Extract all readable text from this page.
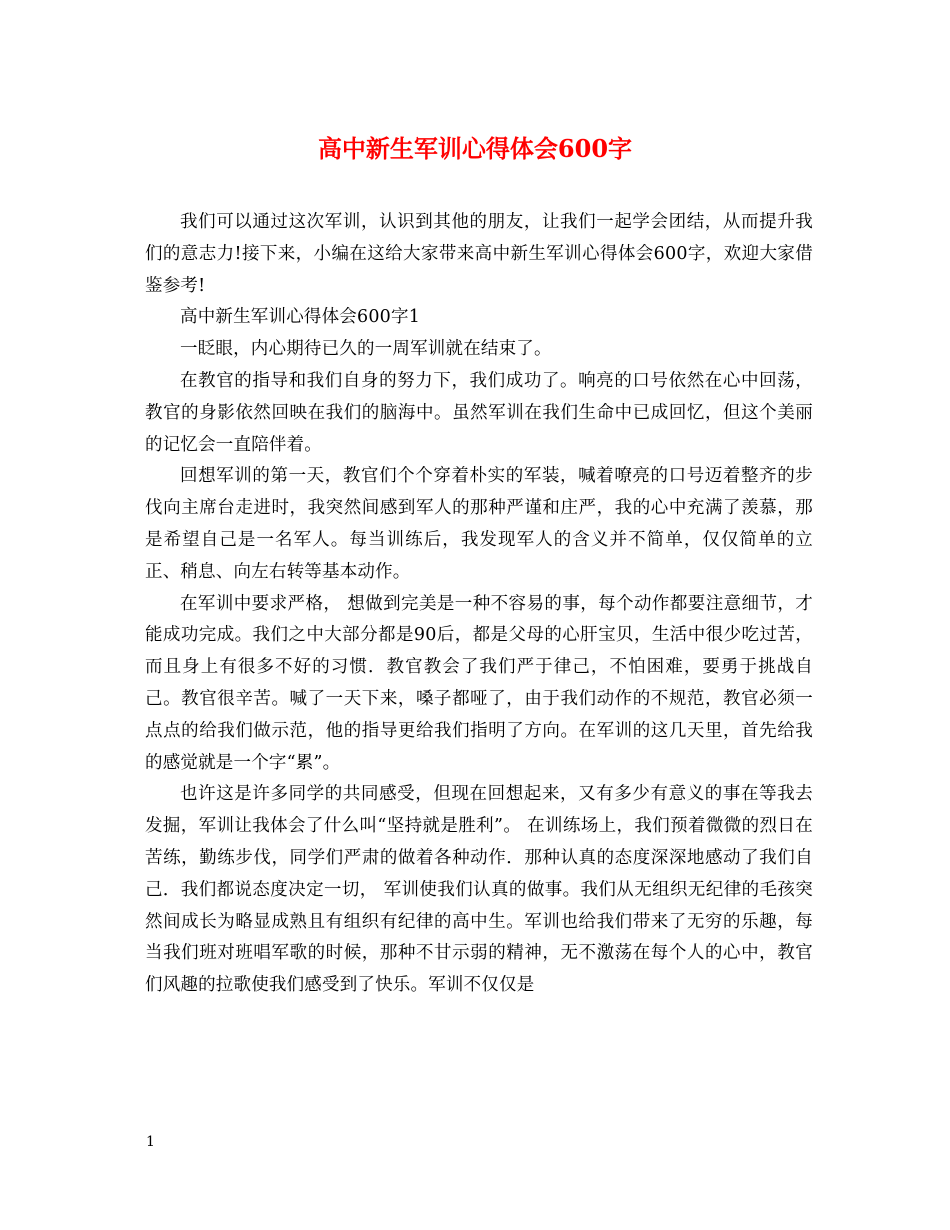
高中新生军训心得体会600字

我们可以通过这次军训，认识到其他的朋友，让我们一起学会团结，从而提升我们的意志力!接下来，小编在这给大家带来高中新生军训心得体会600字，欢迎大家借鉴参考!

高中新生军训心得体会600字1

一眨眼，内心期待已久的一周军训就在结束了。

在教官的指导和我们自身的努力下，我们成功了。响亮的口号依然在心中回荡，教官的身影依然回映在我们的脑海中。虽然军训在我们生命中已成回忆，但这个美丽的记忆会一直陪伴着。

回想军训的第一天，教官们个个穿着朴实的军装，喊着嘹亮的口号迈着整齐的步伐向主席台走进时，我突然间感到军人的那种严谨和庄严，我的心中充满了羡慕，那是希望自己是一名军人。每当训练后，我发现军人的含义并不简单，仅仅简单的立正、稍息、向左右转等基本动作。

在军训中要求严格， 想做到完美是一种不容易的事，每个动作都要注意细节，才能成功完成。我们之中大部分都是90后，都是父母的心肝宝贝，生活中很少吃过苦，而且身上有很多不好的习惯．教官教会了我们严于律己，不怕困难，要勇于挑战自己。教官很辛苦。喊了一天下来，嗓子都哑了，由于我们动作的不规范，教官必须一点点的给我们做示范，他的指导更给我们指明了方向。在军训的这几天里，首先给我的感觉就是一个字“累”。

也许这是许多同学的共同感受，但现在回想起来，又有多少有意义的事在等我去发掘，军训让我体会了什么叫“坚持就是胜利”。 在训练场上，我们预着微微的烈日在苦练，勤练步伐，同学们严肃的做着各种动作．那种认真的态度深深地感动了我们自己．我们都说态度决定一切， 军训使我们认真的做事。我们从无组织无纪律的毛孩突然间成长为略显成熟且有组织有纪律的高中生。军训也给我们带来了无穷的乐趣，每当我们班对班唱军歌的时候，那种不甘示弱的精神，无不激荡在每个人的心中，教官们风趣的拉歌使我们感受到了快乐。军训不仅仅是

1
